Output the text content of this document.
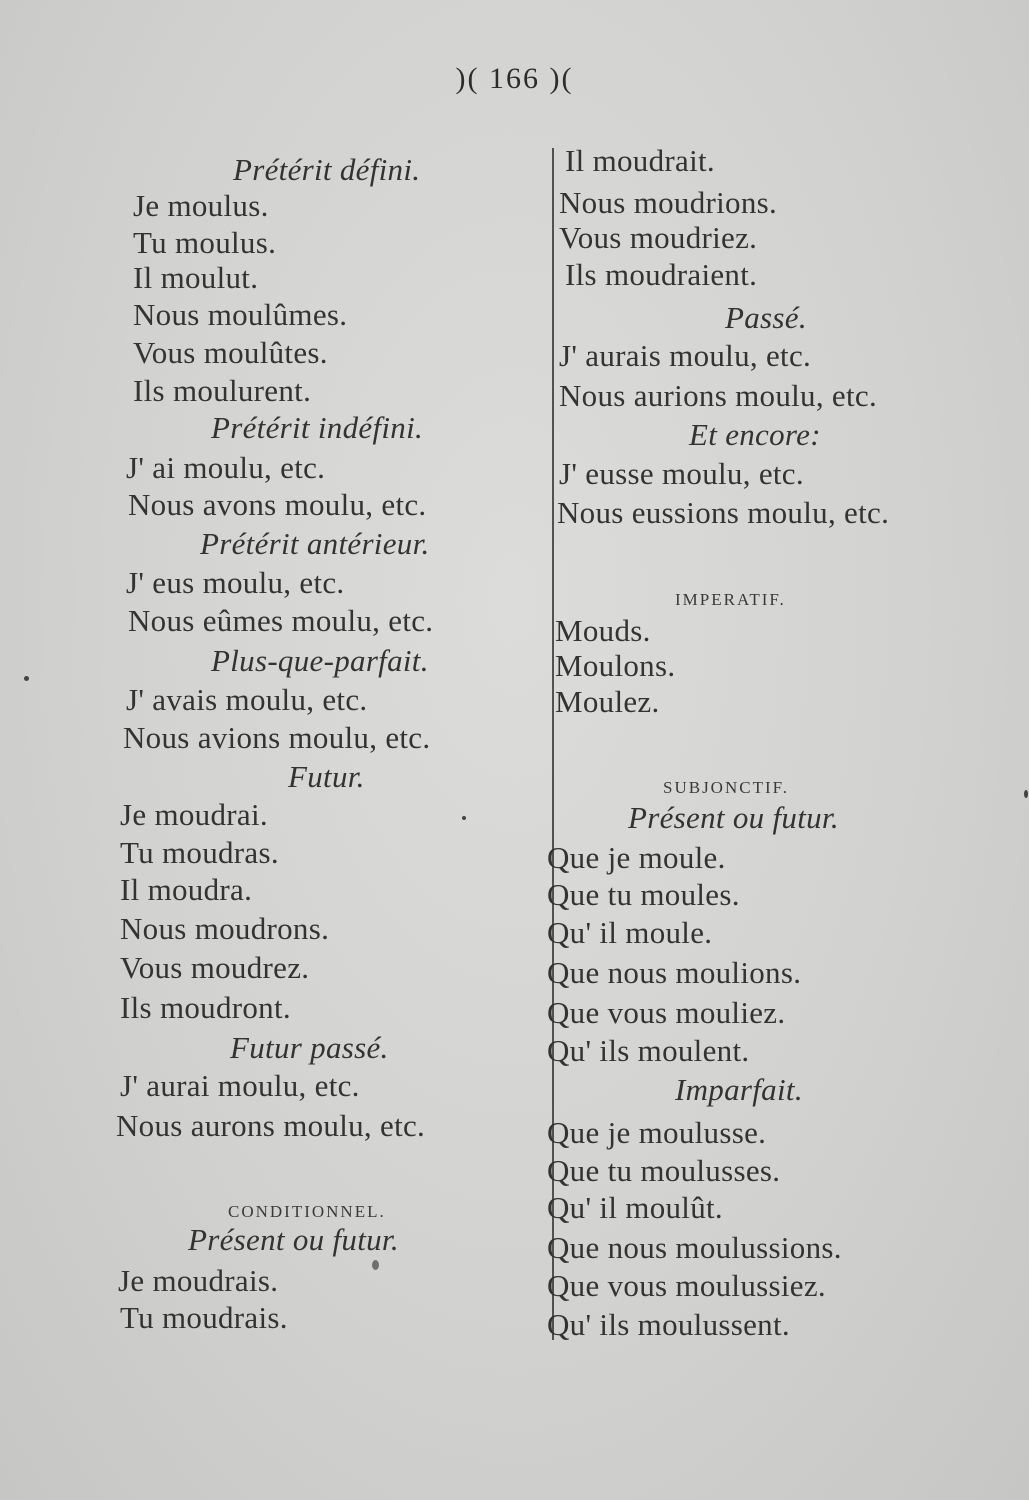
)( 166 )(
Prétérit défini.
Je moulus.
Tu moulus.
Il moulut.
Nous moulûmes.
Vous moulûtes.
Ils moulurent.
Prétérit indéfini.
J' ai moulu, etc.
Nous avons moulu, etc.
Prétérit antérieur.
J' eus moulu, etc.
Nous eûmes moulu, etc.
Plus-que-parfait.
J' avais moulu, etc.
Nous avions moulu, etc.
Futur.
Je moudrai.
Tu moudras.
Il moudra.
Nous moudrons.
Vous moudrez.
Ils moudront.
Futur passé.
J' aurai moulu, etc.
Nous aurons moulu, etc.
CONDITIONNEL.
Présent ou futur.
Je moudrais.
Tu moudrais.
Il moudrait.
Nous moudrions.
Vous moudriez.
Ils moudraient.
Passé.
J' aurais moulu, etc.
Nous aurions moulu, etc.
Et encore:
J' eusse moulu, etc.
Nous eussions moulu, etc.
IMPERATIF.
Mouds.
Moulons.
Moulez.
SUBJONCTIF.
Présent ou futur.
Que je moule.
Que tu moules.
Qu' il moule.
Que nous moulions.
Que vous mouliez.
Qu' ils moulent.
Imparfait.
Que je moulusse.
Que tu moulusses.
Qu' il moulût.
Que nous moulussions.
Que vous moulussiez.
Qu' ils moulussent.
